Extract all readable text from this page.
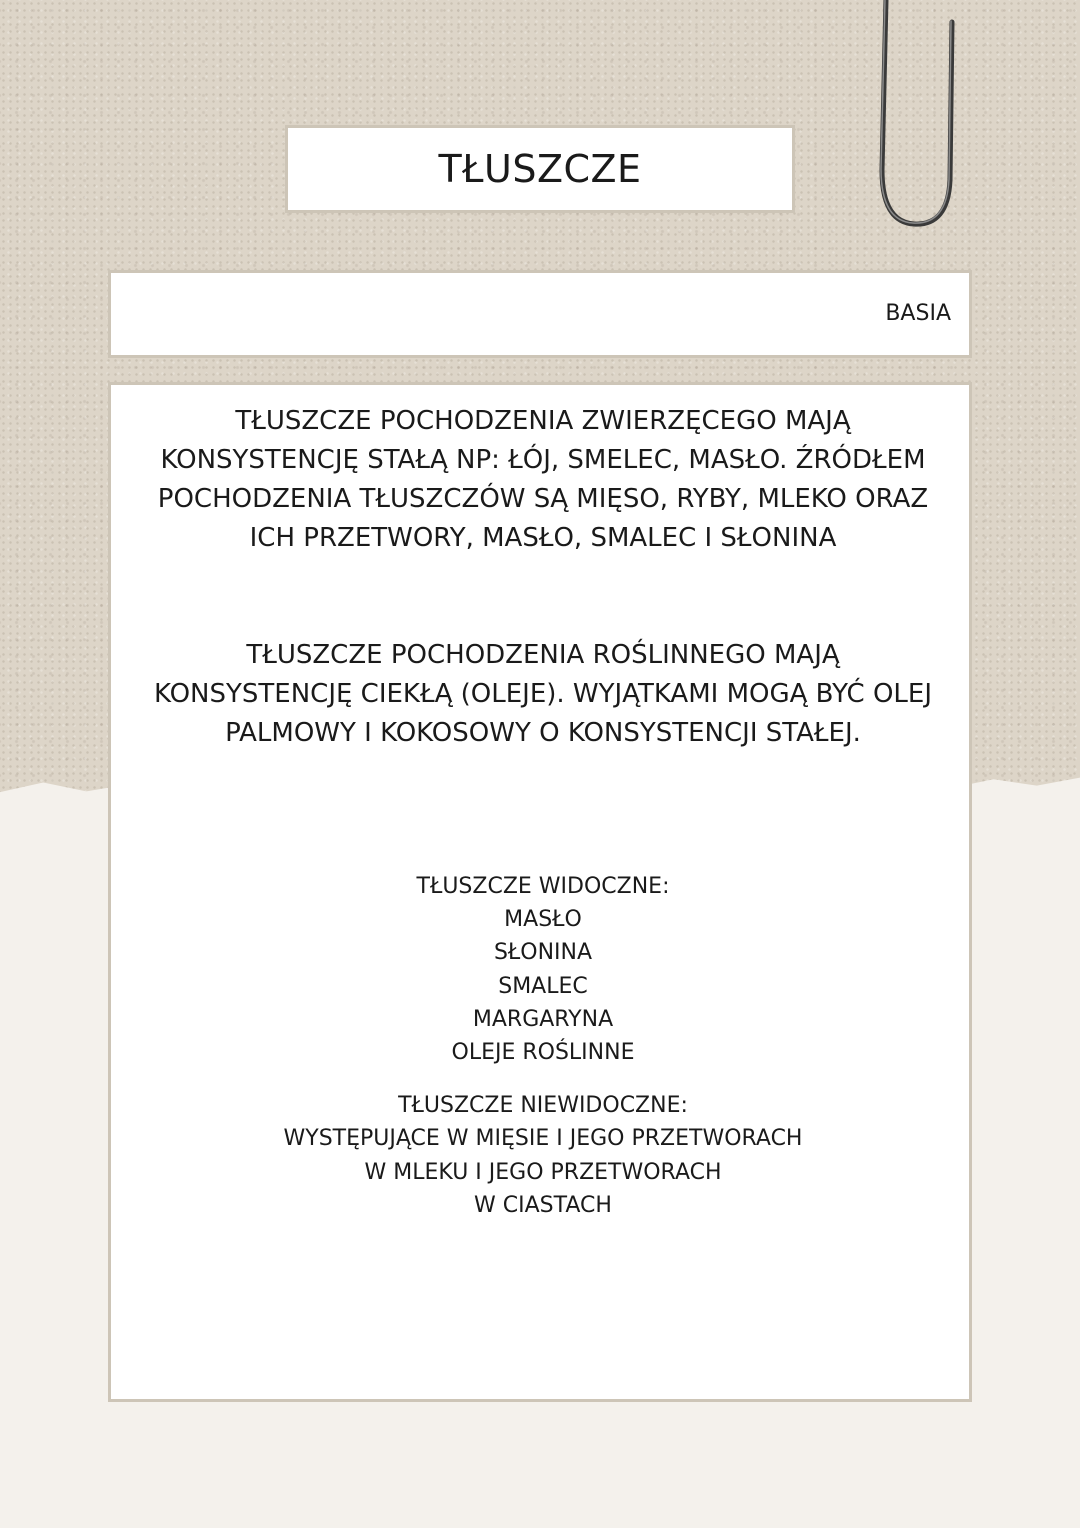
TŁUSZCZE
BASIA
TŁUSZCZE POCHODZENIA ZWIERZĘCEGO MAJĄ KONSYSTENCJĘ STAŁĄ NP: ŁÓJ, SMELEC, MASŁO. ŹRÓDŁEM POCHODZENIA TŁUSZCZÓW SĄ MIĘSO, RYBY, MLEKO ORAZ ICH PRZETWORY, MASŁO, SMALEC I SŁONINA
TŁUSZCZE POCHODZENIA ROŚLINNEGO MAJĄ KONSYSTENCJĘ CIEKŁĄ (OLEJE). WYJĄTKAMI MOGĄ BYĆ OLEJ PALMOWY I KOKOSOWY O KONSYSTENCJI STAŁEJ.
TŁUSZCZE WIDOCZNE:
MASŁO
SŁONINA
SMALEC
MARGARYNA
OLEJE ROŚLINNE
TŁUSZCZE NIEWIDOCZNE:
WYSTĘPUJĄCE W MIĘSIE I JEGO PRZETWORACH
W MLEKU I JEGO PRZETWORACH
W CIASTACH
